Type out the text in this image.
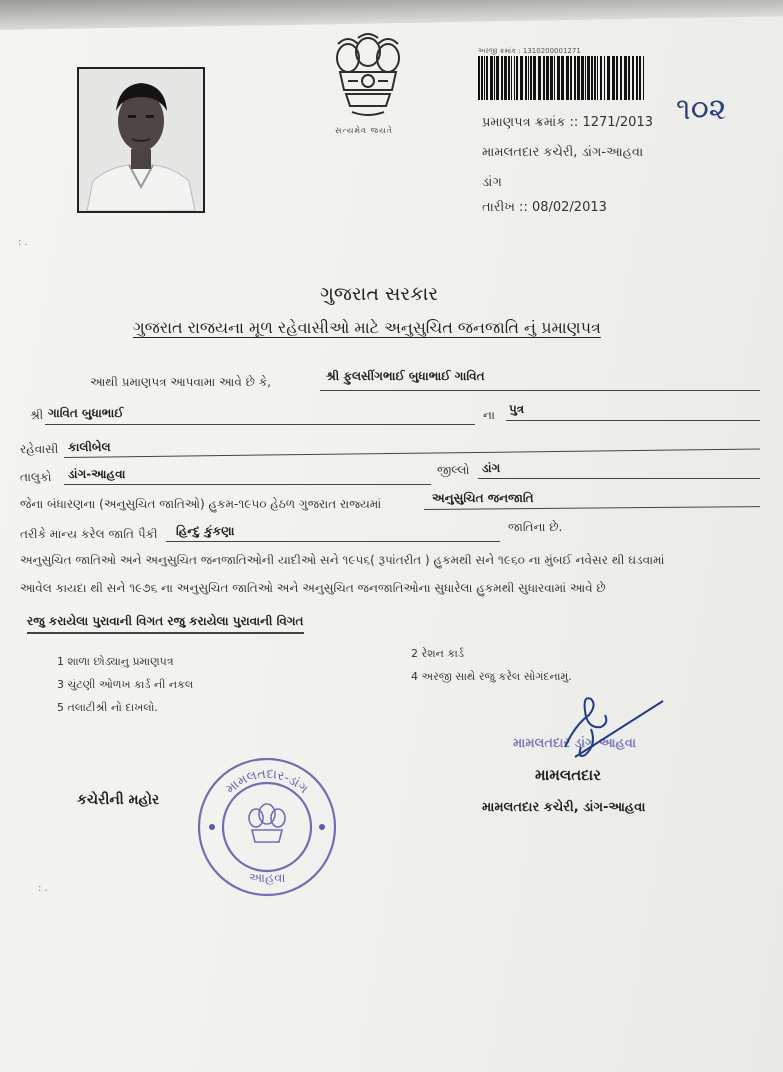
સત્યમેવ જયતે
અરજી ક્રમાંક : 1310200001271
પ્રમાણપત્ર ક્રમાંક :: 1271/2013 ૧૦૨
મામલતદાર કચેરી, ડાંગ-આહવા
ડાંગ
તારીખ :: 08/02/2013
: .
ગુજરાત સરકાર
ગુજરાત રાજયના મૂળ રહેવાસીઓ માટે અનુસુચિત જનજાતિ નું પ્રમાણપત્ર
આથી પ્રમાણપત્ર આપવામા આવે છે કે,	શ્રી ફુલસીંગભાઈ બુધાભાઈ ગાવિત
શ્રી ગાવિત બુધાભાઈ	ના પુત્ર
રહેવાસી કાલીબેલ
તાલુકો ડાંગ-આહવા	જીલ્લો ડાંગ
જેના બંધારણના (અનુસુચિત જાતિઓ) હુકમ-૧૯૫૦ હેઠળ ગુજરાત રાજ્યમાં	અનુસુચિત જનજાતિ
તરીકે માન્ય કરેલ જાતિ પૈકી હિન્દુ કુંકણા	જાતિના છે.
અનુસુચિત જાતિઓ અને અનુસુચિત જનજાતિઓની યાદીઓ સને ૧૯૫૬( રૂપાંતરીત ) હુકમથી સને ૧૯૬૦ ના મુંબઈ નવેસર થી ઘડવામાં
આવેલ કાયદા થી સને ૧૯૭૬ ના અનુસુચિત જાતિઓ અને અનુસુચિત જનજાતિઓના સુધારેલા હુકમથી સુધારવામાં આવે છે
રજુ કરાયેલા પુરાવાની વિગત રજુ કરાયેલા પુરાવાની વિગત
1 શાળા છોડ્યાનુ પ્રમાણપત્ર
2 રેશન કાર્ડ
3 ચુંટણી ઓળખ કાર્ડ ની નકલ
4 અરજી સાથે રજુ કરેલ સોગંદનામું.
5 તલાટીશ્રી નો દાખલો.
મામલતદાર ડાંગ આહવા
મામલતદાર
મામલતદાર કચેરી, ડાંગ-આહવા
કચેરીની મહોર
મામલતદાર-ડાંગ
આહવા
: .
